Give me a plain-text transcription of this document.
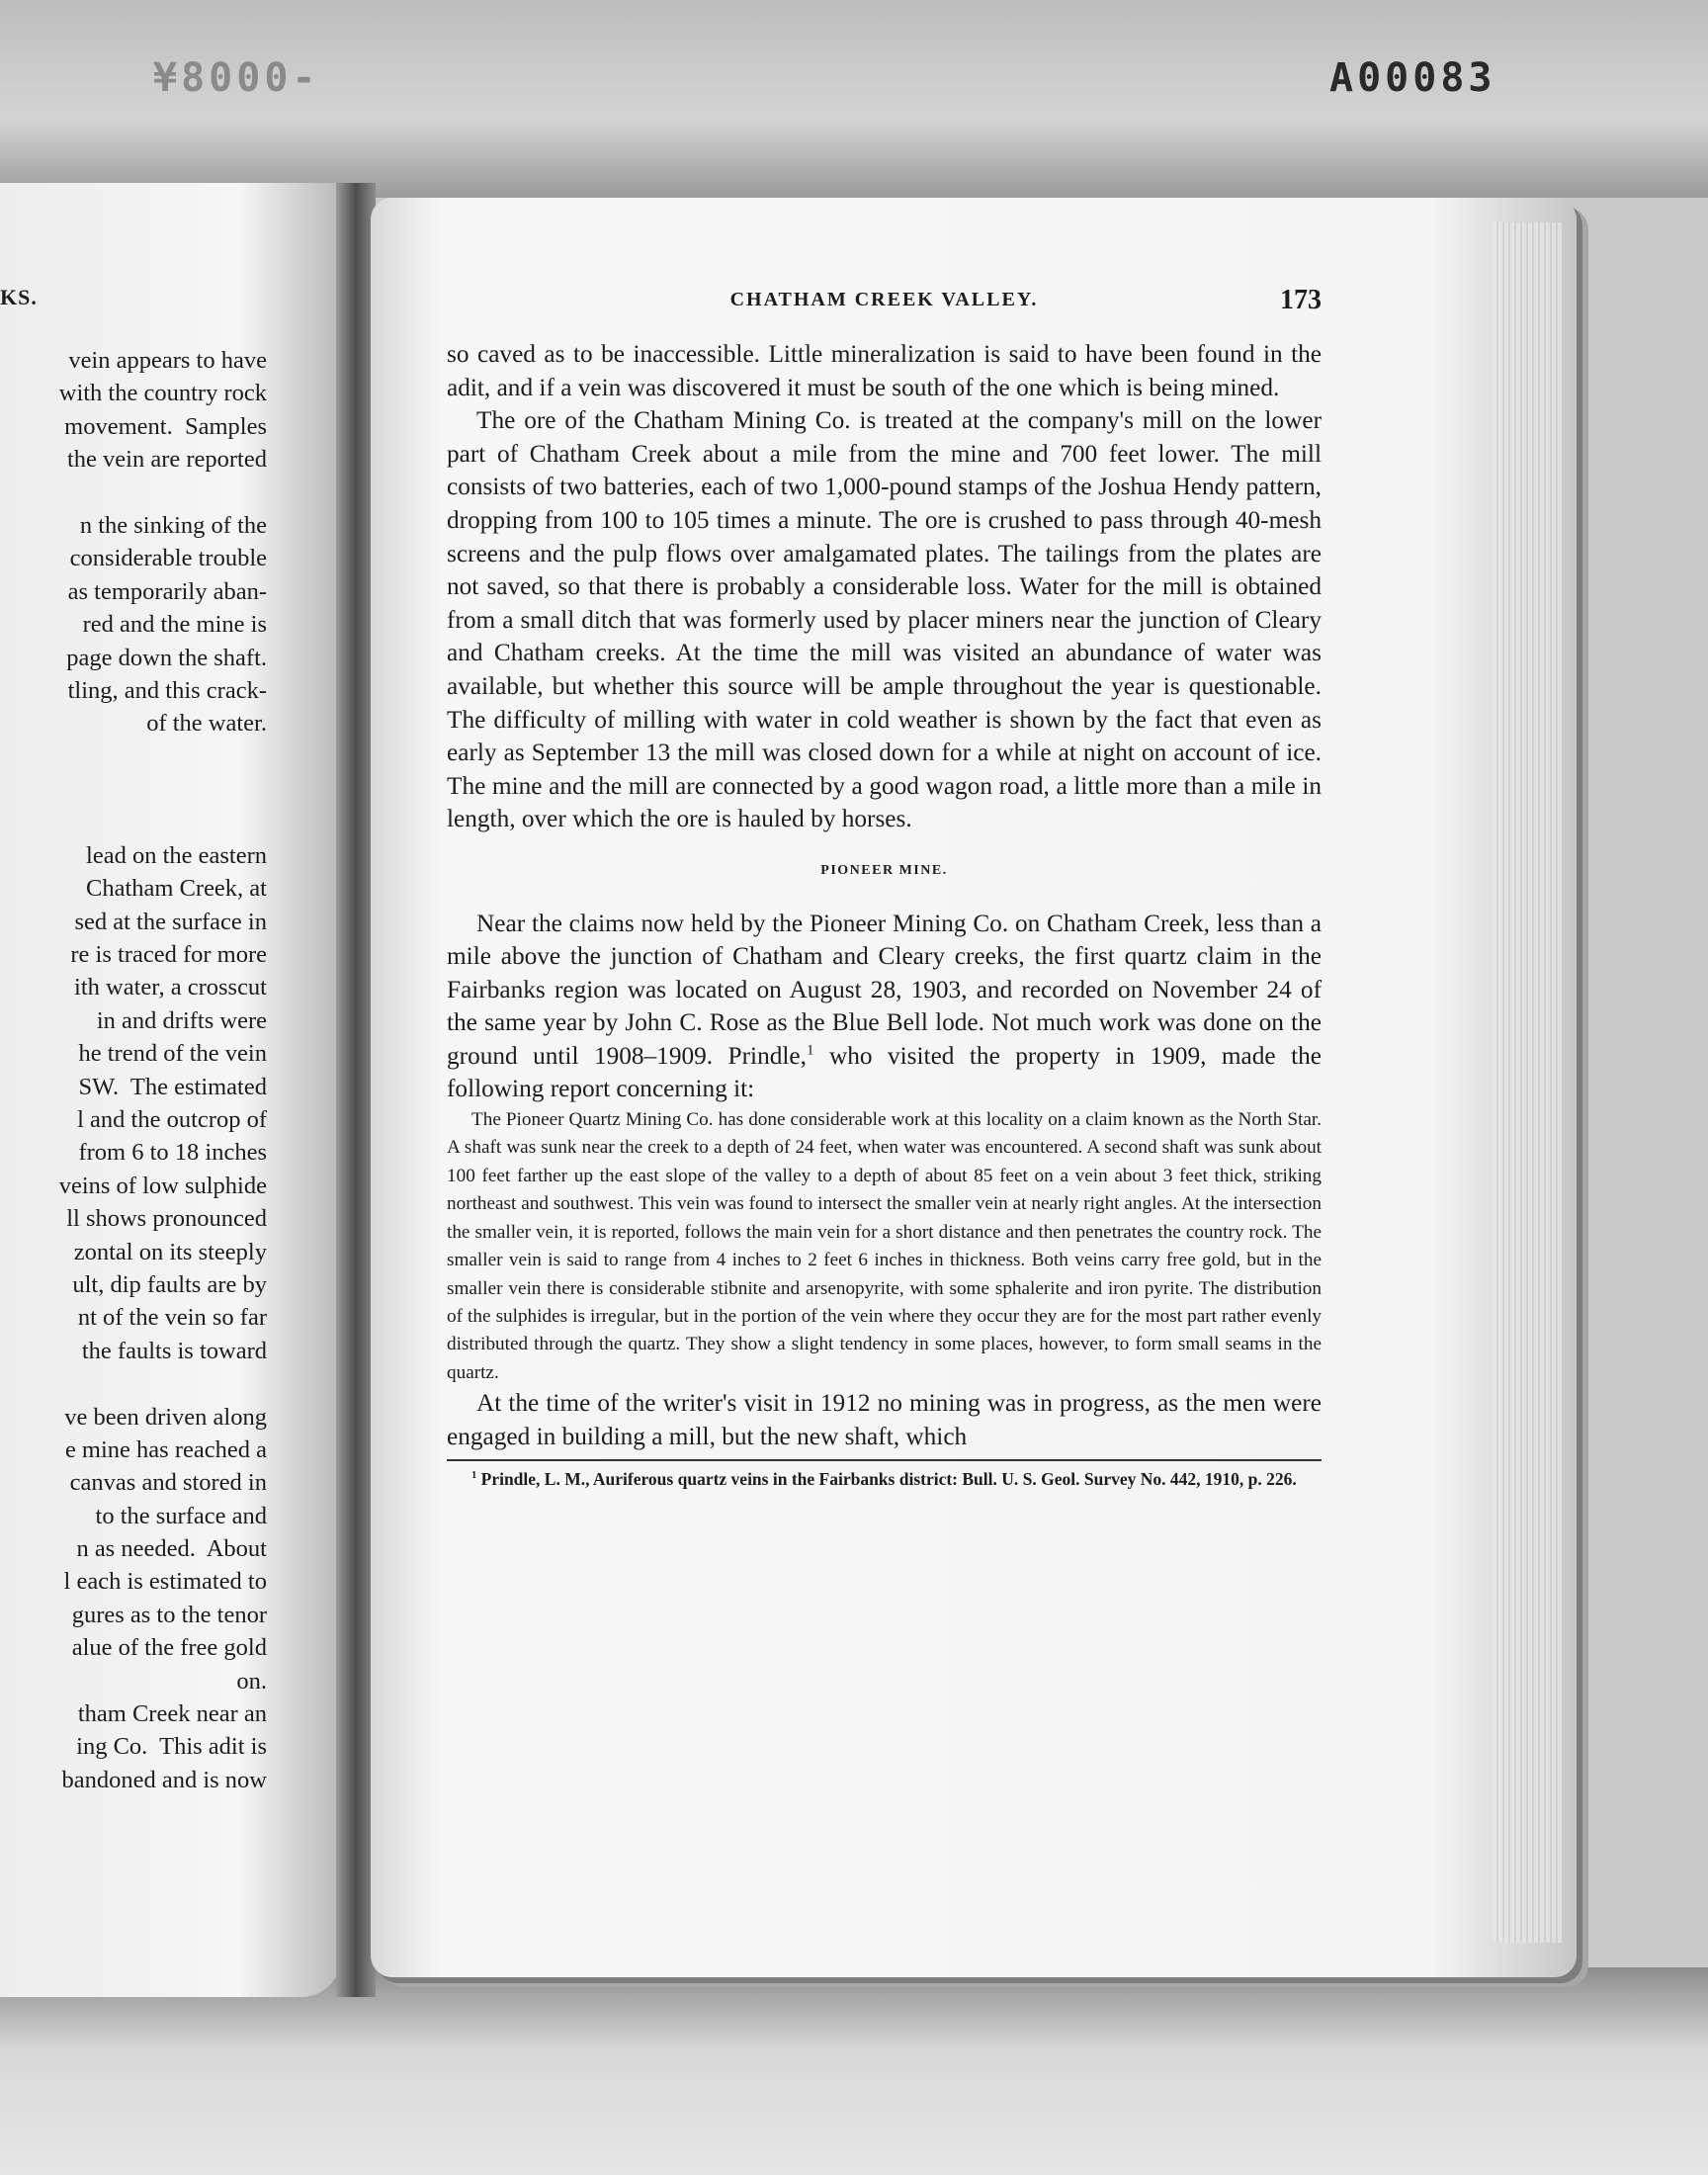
¥8000-	A00083
KS.
vein appears to have
with the country rock
movement.  Samples
the vein are reported
n the sinking of the
considerable trouble
as temporarily aban-
red and the mine is
page down the shaft.
tling, and this crack-
of the water.
lead on the eastern
Chatham Creek, at
sed at the surface in
re is traced for more
ith water, a crosscut
in and drifts were
he trend of the vein
SW.  The estimated
l and the outcrop of
from 6 to 18 inches
veins of low sulphide
ll shows pronounced
zontal on its steeply
ult, dip faults are by
nt of the vein so far
the faults is toward
ve been driven along
e mine has reached a
canvas and stored in
to the surface and
n as needed.  About
l each is estimated to
gures as to the tenor
alue of the free gold
on.
tham Creek near an
ing Co.  This adit is
bandoned and is now
CHATHAM CREEK VALLEY.	173

so caved as to be inaccessible. Little mineralization is said to have been found in the adit, and if a vein was discovered it must be south of the one which is being mined.

The ore of the Chatham Mining Co. is treated at the company's mill on the lower part of Chatham Creek about a mile from the mine and 700 feet lower. The mill consists of two batteries, each of two 1,000-pound stamps of the Joshua Hendy pattern, dropping from 100 to 105 times a minute. The ore is crushed to pass through 40-mesh screens and the pulp flows over amalgamated plates. The tailings from the plates are not saved, so that there is probably a considerable loss. Water for the mill is obtained from a small ditch that was formerly used by placer miners near the junction of Cleary and Chatham creeks. At the time the mill was visited an abundance of water was available, but whether this source will be ample throughout the year is questionable. The difficulty of milling with water in cold weather is shown by the fact that even as early as September 13 the mill was closed down for a while at night on account of ice. The mine and the mill are connected by a good wagon road, a little more than a mile in length, over which the ore is hauled by horses.

PIONEER MINE.

Near the claims now held by the Pioneer Mining Co. on Chatham Creek, less than a mile above the junction of Chatham and Cleary creeks, the first quartz claim in the Fairbanks region was located on August 28, 1903, and recorded on November 24 of the same year by John C. Rose as the Blue Bell lode. Not much work was done on the ground until 1908–1909. Prindle,$^1$ who visited the property in 1909, made the following report concerning it:

The Pioneer Quartz Mining Co. has done considerable work at this locality on a claim known as the North Star. A shaft was sunk near the creek to a depth of 24 feet, when water was encountered. A second shaft was sunk about 100 feet farther up the east slope of the valley to a depth of about 85 feet on a vein about 3 feet thick, striking northeast and southwest. This vein was found to intersect the smaller vein at nearly right angles. At the intersection the smaller vein, it is reported, follows the main vein for a short distance and then penetrates the country rock. The smaller vein is said to range from 4 inches to 2 feet 6 inches in thickness. Both veins carry free gold, but in the smaller vein there is considerable stibnite and arsenopyrite, with some sphalerite and iron pyrite. The distribution of the sulphides is irregular, but in the portion of the vein where they occur they are for the most part rather evenly distributed through the quartz. They show a slight tendency in some places, however, to form small seams in the quartz.

At the time of the writer's visit in 1912 no mining was in progress, as the men were engaged in building a mill, but the new shaft, which

$^1$ Prindle, L. M., Auriferous quartz veins in the Fairbanks district: Bull. U. S. Geol. Survey No. 442, 1910, p. 226.
